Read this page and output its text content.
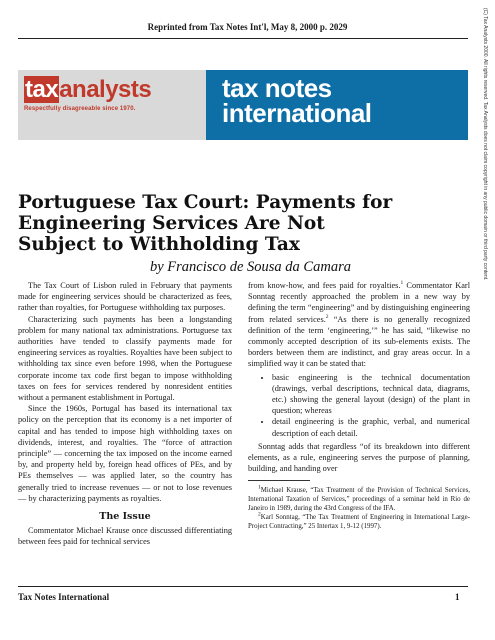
Reprinted from Tax Notes Int'l, May 8, 2000 p. 2029
taxanalysts
Respectfully disagreeable since 1970.
tax notes
international	(C) Tax Analysts 2000. All rights reserved. Tax Analysts does not claim copyright in any public domain or third party content.
Portuguese Tax Court: Payments for Engineering Services Are Not Subject to Withholding Tax
by Francisco de Sousa da Camara

The Tax Court of Lisbon ruled in February that payments made for engineering services should be characterized as fees, rather than royalties, for Portuguese withholding tax purposes.

Characterizing such payments has been a longstanding problem for many national tax administrations. Portuguese tax authorities have tended to classify payments made for engineering services as royalties. Royalties have been subject to withholding tax since even before 1998, when the Portuguese corporate income tax code first began to impose withholding taxes on fees for services rendered by nonresident entities without a permanent establishment in Portugal.

Since the 1960s, Portugal has based its international tax policy on the perception that its economy is a net importer of capital and has tended to impose high withholding taxes on dividends, interest, and royalties. The “force of attraction principle” — concerning the tax imposed on the income earned by, and property held by, foreign head offices of PEs, and by PEs themselves — was applied later, so the country has generally tried to increase revenues — or not to lose revenues — by characterizing payments as royalties.

The Issue

Commentator Michael Krause once discussed differentiating between fees paid for technical services

from know-how, and fees paid for royalties.$^1$ Commentator Karl Sonntag recently approached the problem in a new way by defining the term “engineering” and by distinguishing engineering from related services.$^2$ “As there is no generally recognized definition of the term ‘engineering,’” he has said, “likewise no commonly accepted description of its sub-elements exists. The borders between them are indistinct, and gray areas occur. In a simplified way it can be stated that:

• basic engineering is the technical documentation (drawings, verbal descriptions, technical data, diagrams, etc.) showing the general layout (design) of the plant in question; whereas
• detail engineering is the graphic, verbal, and numerical description of each detail.

Sonntag adds that regardless “of its breakdown into different elements, as a rule, engineering serves the purpose of planning, building, and handing over

$^1$Michael Krause, “Tax Treatment of the Provision of Technical Services, International Taxation of Services,” proceedings of a seminar held in Rio de Janeiro in 1989, during the 43rd Congress of the IFA.

$^2$Karl Sonntag, “The Tax Treatment of Engineering in International Large-Project Contracting,” 25 Intertax 1, 9-12 (1997).

Tax Notes International	1
